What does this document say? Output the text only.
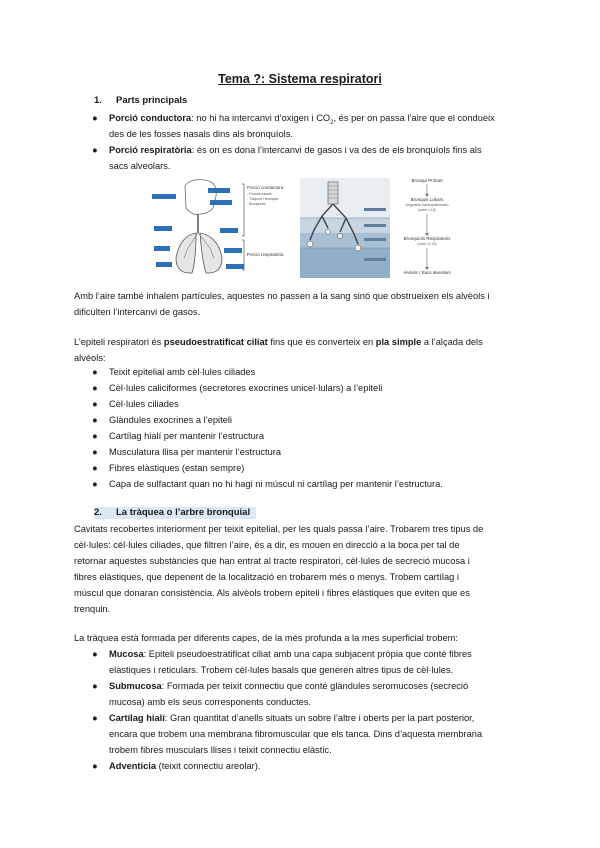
Tema ?: Sistema respiratori
1. Parts principals
● Porció conductora: no hi ha intercanvi d’oxigen i $CO_2$, és per on passa l’aire que el condueix
des de les fosses nasals dins als bronquíols.
● Porció respiratòria: és on es dona l’intercanvi de gasos i va des de els bronquíols fins als
sacs alveolars.
Porció conductora
- Fosses nasals
- Tràquea i bronquis
- Bronquíols
Porció respiratòria
Bronqui Primari
Bronquis Lobars
(segments broncopulmonars)
(ordre 1-16)
Bronquíols Respiratoris
(ordre 17-23)
Alvèols / Sacs alveolars
Amb l’aire també inhalem partícules, aquestes no passen a la sang sinó que obstrueixen els alvèols i
dificulten l’intercanvi de gasos.
L’epiteli respiratori és pseudoestratificat ciliat fins que es converteix en pla simple a l’alçada dels
alvèols:
● Teixit epitelial amb cèl·lules ciliades
● Cèl·lules caliciformes (secretores exocrines unicel·lulars) a l’epiteli
● Cèl·lules ciliades
● Glàndules exocrines a l’epiteli
● Cartílag hialí per mantenir l’estructura
● Musculatura llisa per mantenir l’estructura
● Fibres elàstiques (estan sempre)
● Capa de sulfactant quan no hi hagi ni múscul ni cartílag per mantenir l’estructura.
2. La tràquea o l’arbre bronquial
Cavitats recobertes interiorment per teixit epitelial, per les quals passa l’aire. Trobarem tres tipus de
cèl·lules: cèl·lules ciliades, que filtren l’aire, és a dir, es mouen en direcció a la boca per tal de
retornar aquestes substàncies que han entrat al tracte respiratori, cèl·lules de secreció mucosa i
fibres elàstiques, que depenent de la localització en trobarem més o menys. Trobem cartílag i
múscul que donaran consistència. Als alvèols trobem epiteli i fibres elàstiques que eviten que es
trenquin.
La tràquea està formada per diferents capes, de la més profunda a la mes superficial trobem:
● Mucosa: Epiteli pseudoestratificat ciliat amb una capa subjacent pròpia que conté fibres
elàstiques i reticulars. Trobem cèl·lules basals que generen altres tipus de cèl·lules.
● Submucosa: Formada per teixit connectiu que conté glàndules seromucoses (secreció
mucosa) amb els seus corresponents conductes.
● Cartílag hialí: Gran quantitat d’anells situats un sobre l’altre i oberts per la part posterior,
encara que trobem una membrana fibromuscular que els tanca. Dins d’aquesta membrana
trobem fibres musculars llises i teixit connectiu elàstic.
● Adventícia (teixit connectiu areolar).
